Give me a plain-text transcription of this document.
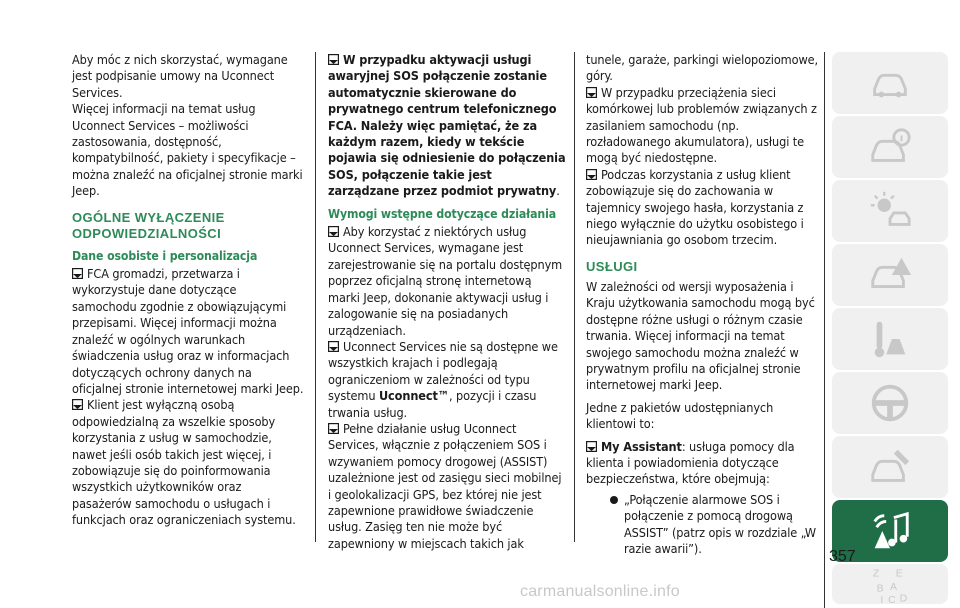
Aby móc z nich skorzystać, wymagane jest podpisanie umowy na Uconnect Services.

Więcej informacji na temat usług Uconnect Services – możliwości zastosowania, dostępność, kompatybilność, pakiety i specyfikacje – można znaleźć na oficjalnej stronie marki Jeep.

OGÓLNE WYŁĄCZENIE ODPOWIEDZIALNOŚCI
Dane osobiste i personalizacja

FCA gromadzi, przetwarza i wykorzystuje dane dotyczące samochodu zgodnie z obowiązującymi przepisami. Więcej informacji można znaleźć w ogólnych warunkach świadczenia usług oraz w informacjach dotyczących ochrony danych na oficjalnej stronie internetowej marki Jeep.

Klient jest wyłączną osobą odpowiedzialną za wszelkie sposoby korzystania z usług w samochodzie, nawet jeśli osób takich jest więcej, i zobowiązuje się do poinformowania wszystkich użytkowników oraz pasażerów samochodu o usługach i funkcjach oraz ograniczeniach systemu.

W przypadku aktywacji usługi awaryjnej SOS połączenie zostanie automatycznie skierowane do prywatnego centrum telefonicznego FCA. Należy więc pamiętać, że za każdym razem, kiedy w tekście pojawia się odniesienie do połączenia SOS, połączenie takie jest zarządzane przez podmiot prywatny.

Wymogi wstępne dotyczące działania

Aby korzystać z niektórych usług Uconnect Services, wymagane jest zarejestrowanie się na portalu dostępnym poprzez oficjalną stronę internetową marki Jeep, dokonanie aktywacji usług i zalogowanie się na posiadanych urządzeniach.

Uconnect Services nie są dostępne we wszystkich krajach i podlegają ograniczeniom w zależności od typu systemu Uconnect™, pozycji i czasu trwania usług.

Pełne działanie usług Uconnect Services, włącznie z połączeniem SOS i wzywaniem pomocy drogowej (ASSIST) uzależnione jest od zasięgu sieci mobilnej i geolokalizacji GPS, bez której nie jest zapewnione prawidłowe świadczenie usług. Zasięg ten nie może być zapewniony w miejscach takich jak

tunele, garaże, parkingi wielopoziomowe, góry.

W przypadku przeciążenia sieci komórkowej lub problemów związanych z zasilaniem samochodu (np. rozładowanego akumulatora), usługi te mogą być niedostępne.

Podczas korzystania z usług klient zobowiązuje się do zachowania w tajemnicy swojego hasła, korzystania z niego wyłącznie do użytku osobistego i nieujawniania go osobom trzecim.

USŁUGI

W zależności od wersji wyposażenia i Kraju użytkowania samochodu mogą być dostępne różne usługi o różnym czasie trwania. Więcej informacji na temat swojego samochodu można znaleźć w prywatnym profilu na oficjalnej stronie internetowej marki Jeep.

Jedne z pakietów udostępnianych klientowi to:

My Assistant: usługa pomocy dla klienta i powiadomienia dotyczące bezpieczeństwa, które obejmują:

„Połączenie alarmowe SOS i połączenie z pomocą drogową ASSIST” (patrz opis w rozdziale „W razie awarii”).

Z E
B A
I C D
357
carmanualsonline.info
